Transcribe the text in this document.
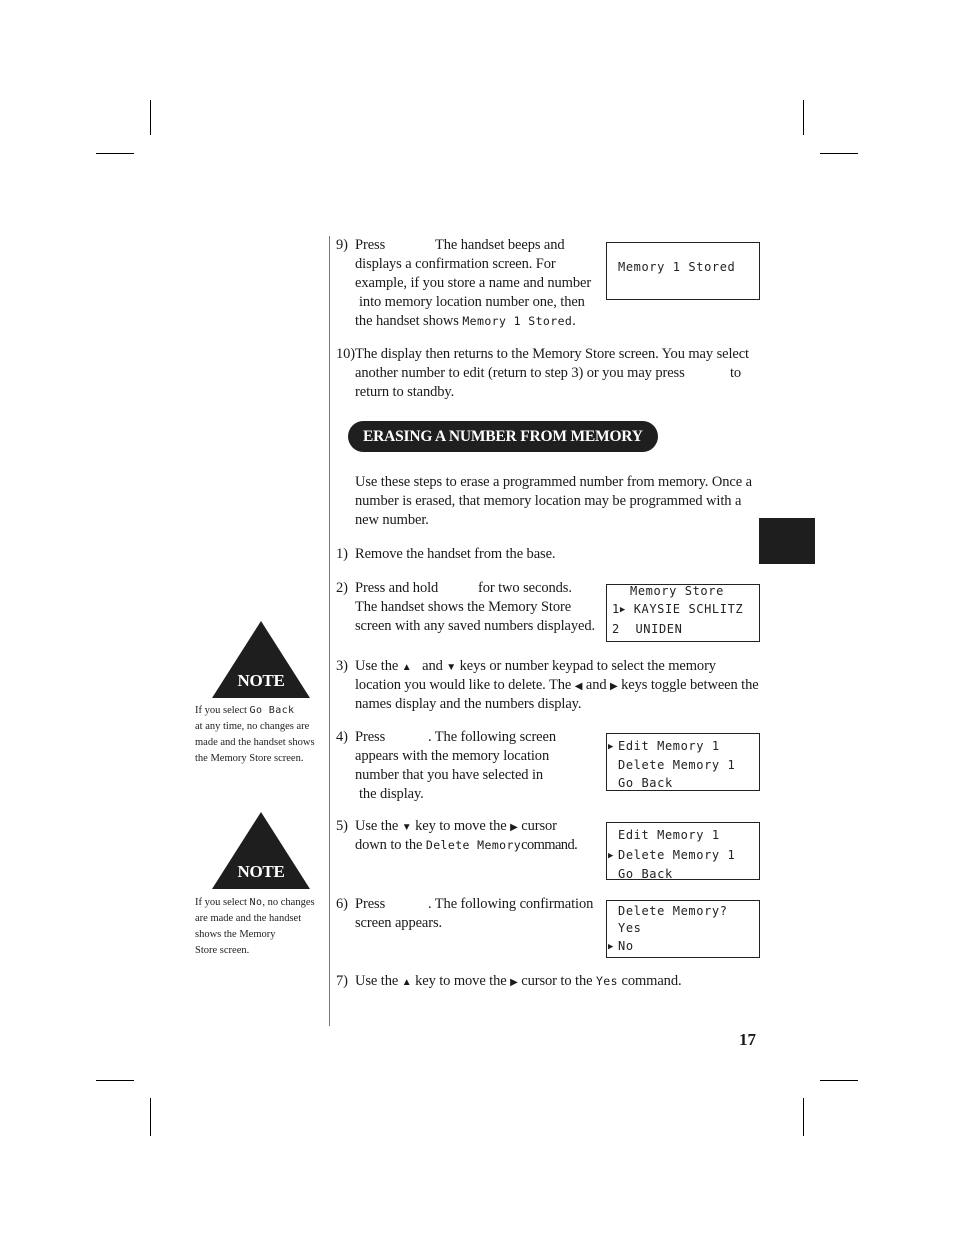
9) Press	The handset beeps and
displays a confirmation screen. For
example, if you store a name and number
into memory location number one, then
the handset shows Memory 1 Stored.
Memory 1 Stored
10) The display then returns to the Memory Store screen. You may select
another number to edit (return to step 3) or you may press	to
return to standby.
ERASING A NUMBER FROM MEMORY
Use these steps to erase a programmed number from memory. Once a
number is erased, that memory location may be programmed with a
new number.
1) Remove the handset from the base.
2) Press and hold	for two seconds.
The handset shows the Memory Store
screen with any saved numbers displayed.
Memory Store
1▶ KAYSIE SCHLITZ
2  UNIDEN
NOTE
If you select Go Back
at any time, no changes are
made and the handset shows
the Memory Store screen.
3) Use the ▲ and ▼ keys or number keypad to select the memory
location you would like to delete. The ◀ and ▶ keys toggle between the
names display and the numbers display.
4) Press	. The following screen
appears with the memory location
number that you have selected in
the display.
▶ Edit Memory 1
Delete Memory 1
Go Back
5) Use the ▼ key to move the ▶ cursor
down to the Delete Memorycommand.
Edit Memory 1
▶ Delete Memory 1
Go Back
NOTE
If you select No, no changes
are made and the handset
shows the Memory
Store screen.
6) Press	. The following confirmation
screen appears.
Delete Memory?
Yes
▶ No
7) Use the ▲ key to move the ▶ cursor to the Yes command.
17
